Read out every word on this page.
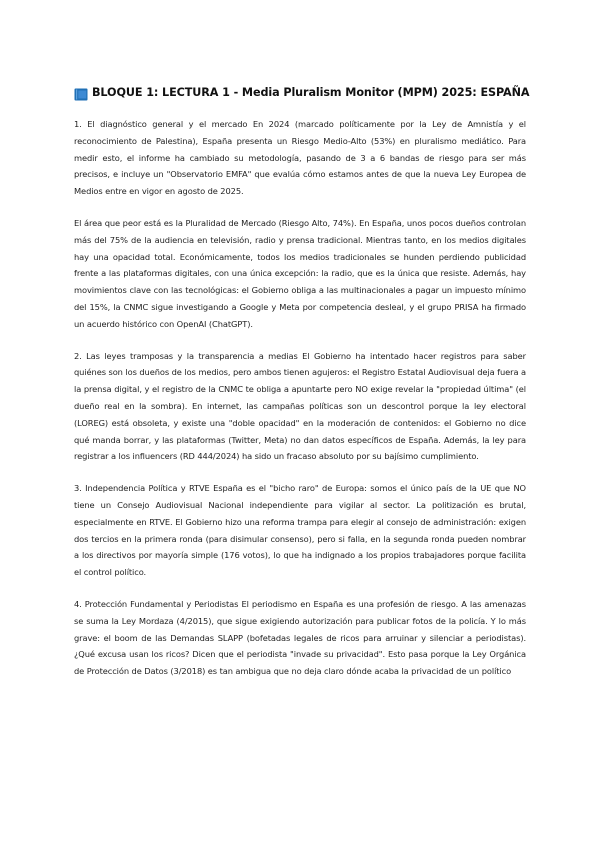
BLOQUE 1: LECTURA 1 - Media Pluralism Monitor (MPM) 2025: ESPAÑA

1. El diagnóstico general y el mercado En 2024 (marcado políticamente por la Ley de Amnistía y el reconocimiento de Palestina), España presenta un Riesgo Medio-Alto (53%) en pluralismo mediático. Para medir esto, el informe ha cambiado su metodología, pasando de 3 a 6 bandas de riesgo para ser más precisos, e incluye un "Observatorio EMFA" que evalúa cómo estamos antes de que la nueva Ley Europea de Medios entre en vigor en agosto de 2025.

El área que peor está es la Pluralidad de Mercado (Riesgo Alto, 74%). En España, unos pocos dueños controlan más del 75% de la audiencia en televisión, radio y prensa tradicional. Mientras tanto, en los medios digitales hay una opacidad total. Económicamente, todos los medios tradicionales se hunden perdiendo publicidad frente a las plataformas digitales, con una única excepción: la radio, que es la única que resiste. Además, hay movimientos clave con las tecnológicas: el Gobierno obliga a las multinacionales a pagar un impuesto mínimo del 15%, la CNMC sigue investigando a Google y Meta por competencia desleal, y el grupo PRISA ha firmado un acuerdo histórico con OpenAI (ChatGPT).

2. Las leyes tramposas y la transparencia a medias El Gobierno ha intentado hacer registros para saber quiénes son los dueños de los medios, pero ambos tienen agujeros: el Registro Estatal Audiovisual deja fuera a la prensa digital, y el registro de la CNMC te obliga a apuntarte pero NO exige revelar la "propiedad última" (el dueño real en la sombra). En internet, las campañas políticas son un descontrol porque la ley electoral (LOREG) está obsoleta, y existe una "doble opacidad" en la moderación de contenidos: el Gobierno no dice qué manda borrar, y las plataformas (Twitter, Meta) no dan datos específicos de España. Además, la ley para registrar a los influencers (RD 444/2024) ha sido un fracaso absoluto por su bajísimo cumplimiento.

3. Independencia Política y RTVE España es el "bicho raro" de Europa: somos el único país de la UE que NO tiene un Consejo Audiovisual Nacional independiente para vigilar al sector. La politización es brutal, especialmente en RTVE. El Gobierno hizo una reforma trampa para elegir al consejo de administración: exigen dos tercios en la primera ronda (para disimular consenso), pero si falla, en la segunda ronda pueden nombrar a los directivos por mayoría simple (176 votos), lo que ha indignado a los propios trabajadores porque facilita el control político.

4. Protección Fundamental y Periodistas El periodismo en España es una profesión de riesgo. A las amenazas se suma la Ley Mordaza (4/2015), que sigue exigiendo autorización para publicar fotos de la policía. Y lo más grave: el boom de las Demandas SLAPP (bofetadas legales de ricos para arruinar y silenciar a periodistas). ¿Qué excusa usan los ricos? Dicen que el periodista "invade su privacidad". Esto pasa porque la Ley Orgánica de Protección de Datos (3/2018) es tan ambigua que no deja claro dónde acaba la privacidad de un político
